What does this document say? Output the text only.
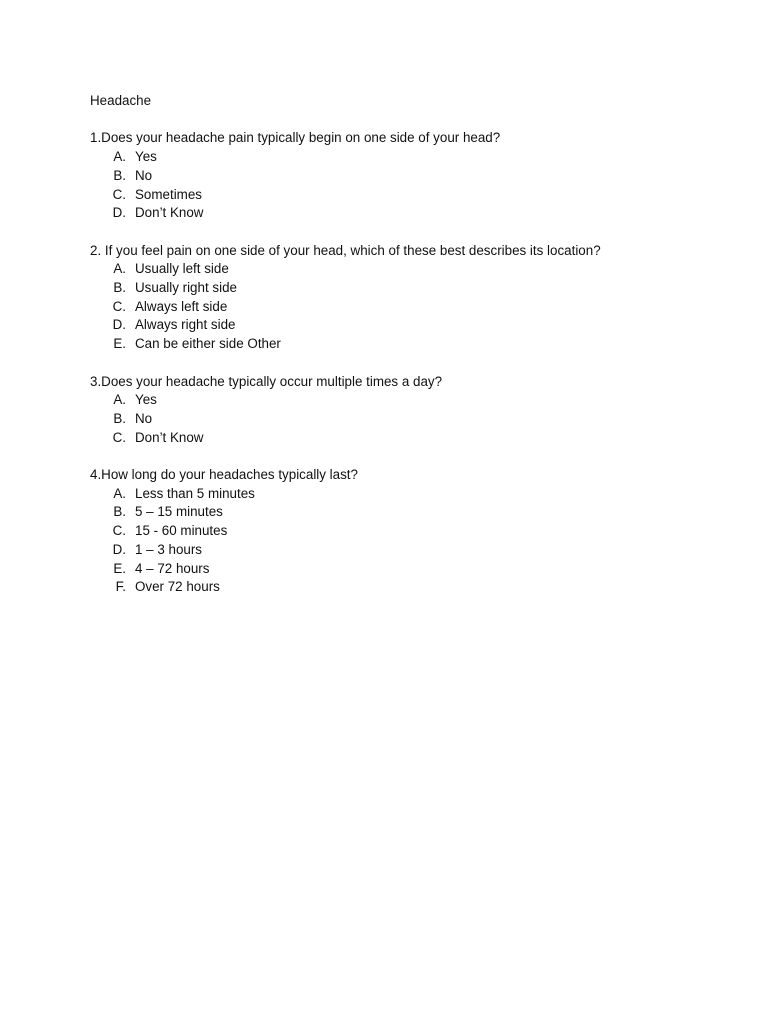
Headache
1.Does your headache pain typically begin on one side of your head?
A. Yes
B. No
C. Sometimes
D. Don’t Know
2. If you feel pain on one side of your head, which of these best describes its location?
A. Usually left side
B. Usually right side
C. Always left side
D. Always right side
E. Can be either side Other
3.Does your headache typically occur multiple times a day?
A. Yes
B. No
C. Don’t Know
4.How long do your headaches typically last?
A. Less than 5 minutes
B. 5 – 15 minutes
C. 15 - 60 minutes
D. 1 – 3 hours
E. 4 – 72 hours
F. Over 72 hours
